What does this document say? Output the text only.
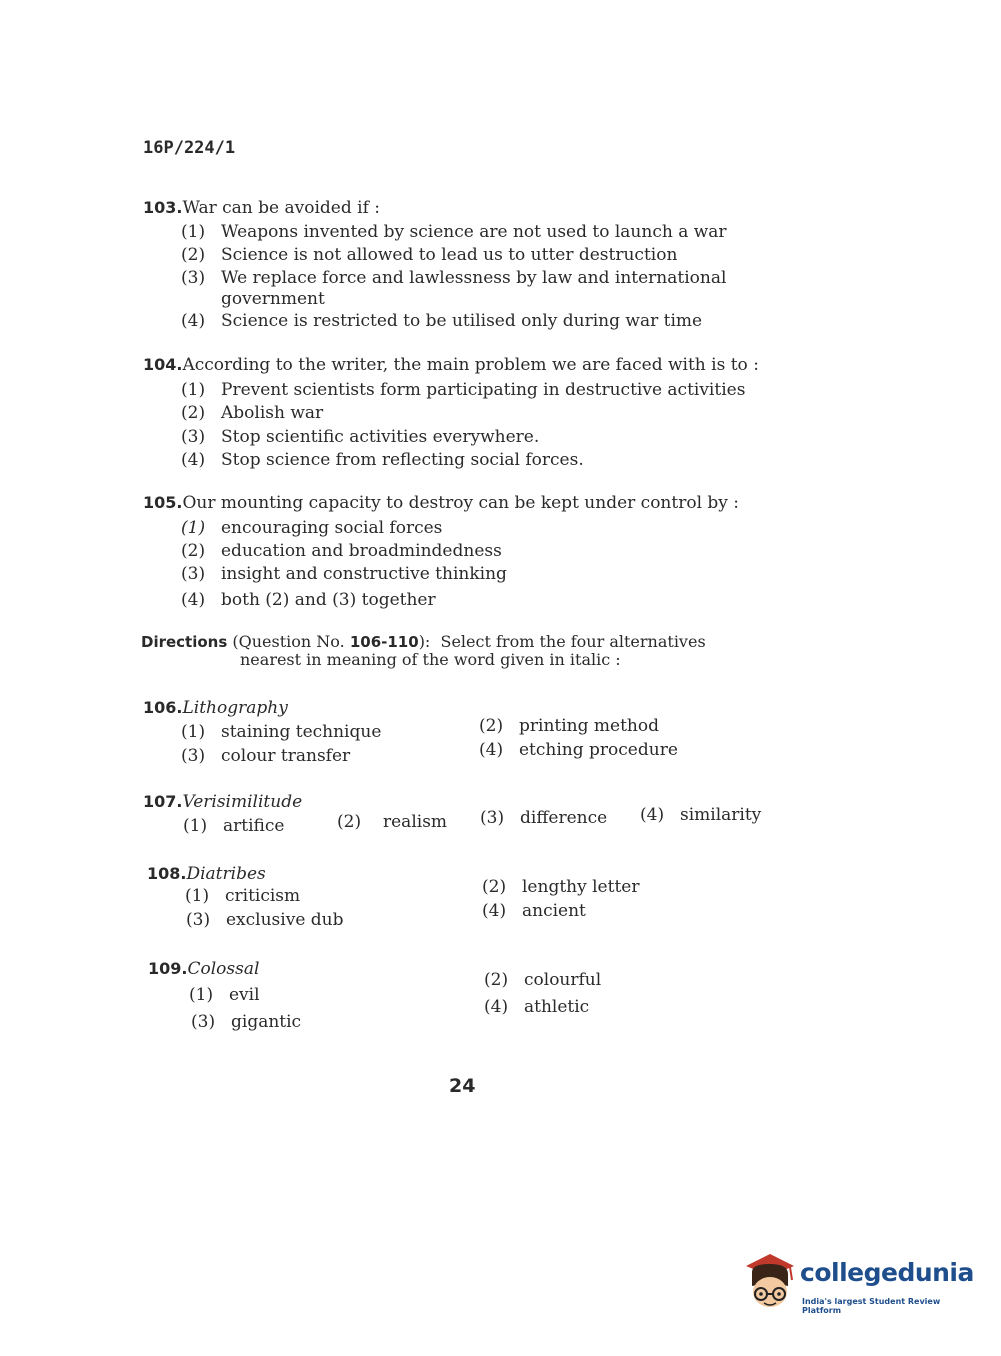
16P/224/1
103.War can be avoided if :
(1) Weapons invented by science are not used to launch a war
(2) Science is not allowed to lead us to utter destruction
(3) We replace force and lawlessness by law and international
government
(4) Science is restricted to be utilised only during war time
104.According to the writer, the main problem we are faced with is to :
(1) Prevent scientists form participating in destructive activities
(2) Abolish war
(3) Stop scientific activities everywhere.
(4) Stop science from reflecting social forces.
105.Our mounting capacity to destroy can be kept under control by :
(1) encouraging social forces
(2) education and broadmindedness
(3) insight and constructive thinking
(4) both (2) and (3) together
Directions (Question No. 106-110): Select from the four alternatives
nearest in meaning of the word given in italic :
106.Lithography
(1) staining technique	(2) printing method
(3) colour transfer	(4) etching procedure
107.Verisimilitude
(1) artifice	(2) realism (3) difference (4) similarity
108.Diatribes
(1) criticism	(2) lengthy letter
(3) exclusive dub	(4) ancient
109.Colossal
(1) evil
(2) colourful
(3) gigantic
(4) athletic
24
collegedunia
India's largest Student Review Platform
